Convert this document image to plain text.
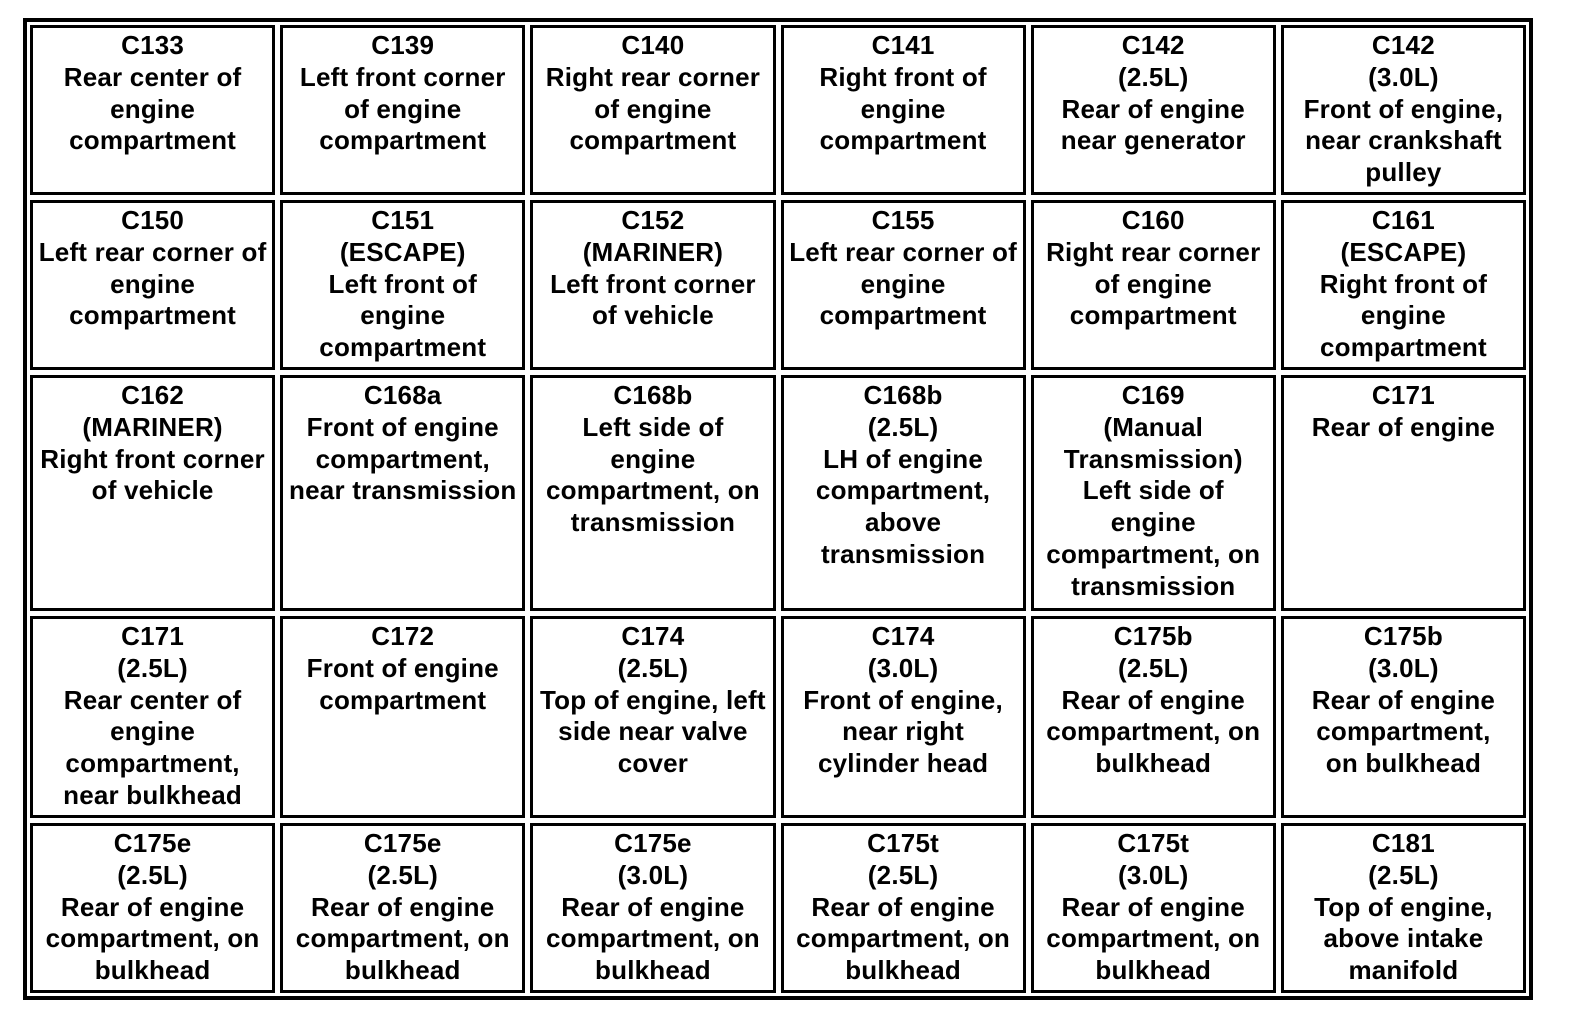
C133
Rear center of
engine
compartment
C139
Left front corner
of engine
compartment
C140
Right rear corner
of engine
compartment
C141
Right front of
engine
compartment
C142
(2.5L)
Rear of engine
near generator
C142
(3.0L)
Front of engine,
near crankshaft
pulley
C150
Left rear corner of
engine
compartment
C151
(ESCAPE)
Left front of
engine
compartment
C152
(MARINER)
Left front corner
of vehicle
C155
Left rear corner of
engine
compartment
C160
Right rear corner
of engine
compartment
C161
(ESCAPE)
Right front of
engine
compartment
C162
(MARINER)
Right front corner
of vehicle
C168a
Front of engine
compartment,
near transmission
C168b
Left side of
engine
compartment, on
transmission
C168b
(2.5L)
LH of engine
compartment,
above
transmission
C169
(Manual
Transmission)
Left side of
engine
compartment, on
transmission
C171
Rear of engine
C171
(2.5L)
Rear center of
engine
compartment,
near bulkhead
C172
Front of engine
compartment
C174
(2.5L)
Top of engine, left
side near valve
cover
C174
(3.0L)
Front of engine,
near right
cylinder head
C175b
(2.5L)
Rear of engine
compartment, on
bulkhead
C175b
(3.0L)
Rear of engine
compartment,
on bulkhead
C175e
(2.5L)
Rear of engine
compartment, on
bulkhead
C175e
(2.5L)
Rear of engine
compartment, on
bulkhead
C175e
(3.0L)
Rear of engine
compartment, on
bulkhead
C175t
(2.5L)
Rear of engine
compartment, on
bulkhead
C175t
(3.0L)
Rear of engine
compartment, on
bulkhead
C181
(2.5L)
Top of engine,
above intake
manifold
